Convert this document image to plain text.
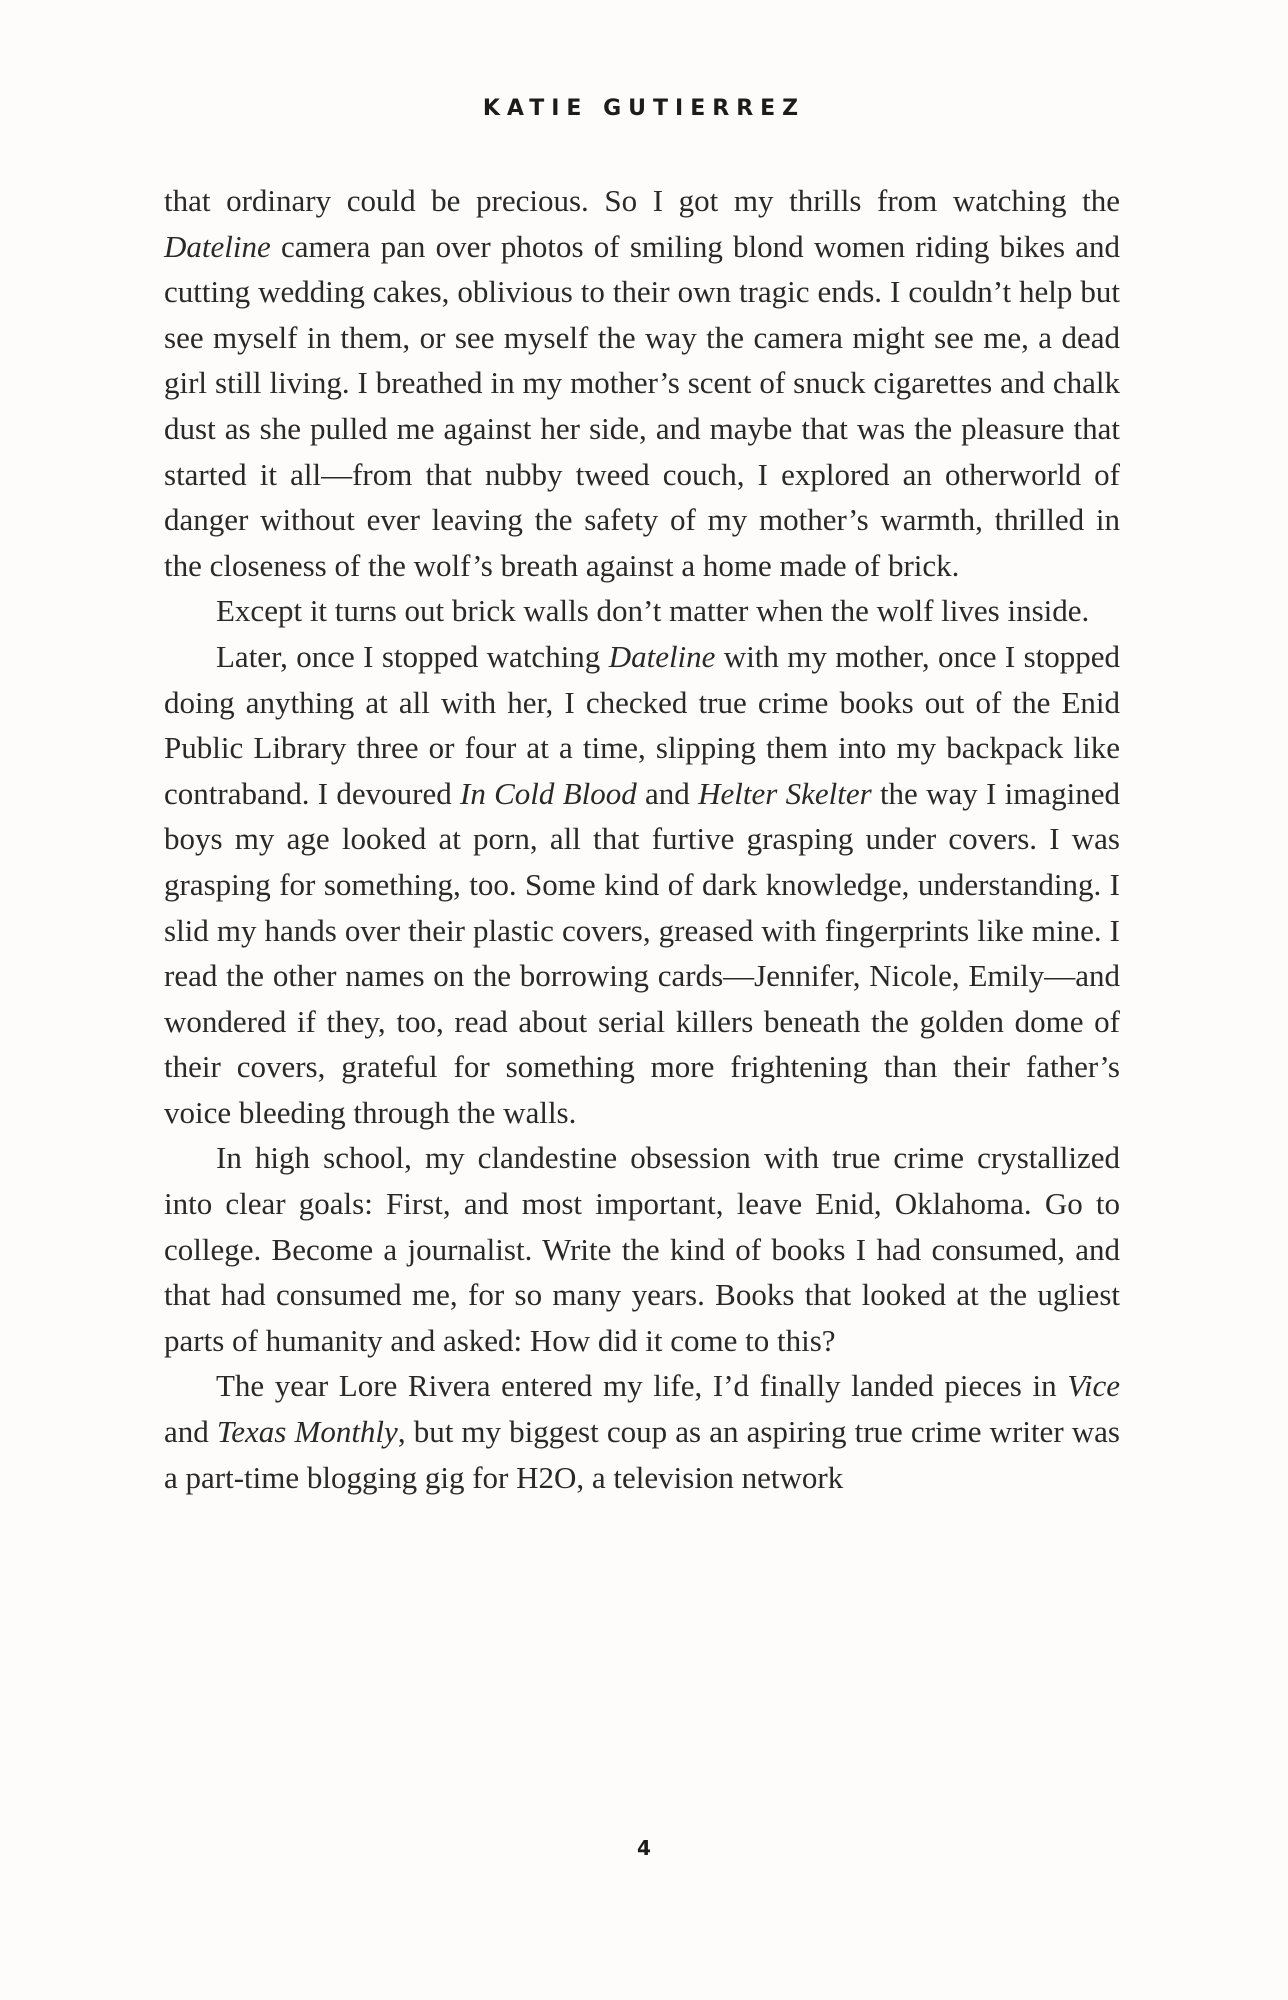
KATIE GUTIERREZ

that ordinary could be precious. So I got my thrills from watching the Dateline camera pan over photos of smiling blond women riding bikes and cutting wedding cakes, oblivious to their own tragic ends. I couldn’t help but see myself in them, or see myself the way the camera might see me, a dead girl still living. I breathed in my mother’s scent of snuck cigarettes and chalk dust as she pulled me against her side, and maybe that was the pleasure that started it all—from that nubby tweed couch, I explored an otherworld of danger without ever leaving the safety of my mother’s warmth, thrilled in the closeness of the wolf’s breath against a home made of brick.

Except it turns out brick walls don’t matter when the wolf lives inside.

Later, once I stopped watching Dateline with my mother, once I stopped doing anything at all with her, I checked true crime books out of the Enid Public Library three or four at a time, slipping them into my backpack like contraband. I devoured In Cold Blood and Helter Skelter the way I imagined boys my age looked at porn, all that furtive grasping under covers. I was grasping for something, too. Some kind of dark knowledge, understanding. I slid my hands over their plastic covers, greased with fingerprints like mine. I read the other names on the borrowing cards—Jennifer, Nicole, Emily—and wondered if they, too, read about serial killers beneath the golden dome of their covers, grateful for something more frightening than their father’s voice bleeding through the walls.

In high school, my clandestine obsession with true crime crystallized into clear goals: First, and most important, leave Enid, Oklahoma. Go to college. Become a journalist. Write the kind of books I had consumed, and that had consumed me, for so many years. Books that looked at the ugliest parts of humanity and asked: How did it come to this?

The year Lore Rivera entered my life, I’d finally landed pieces in Vice and Texas Monthly, but my biggest coup as an aspiring true crime writer was a part-time blogging gig for H2O, a television network

4
